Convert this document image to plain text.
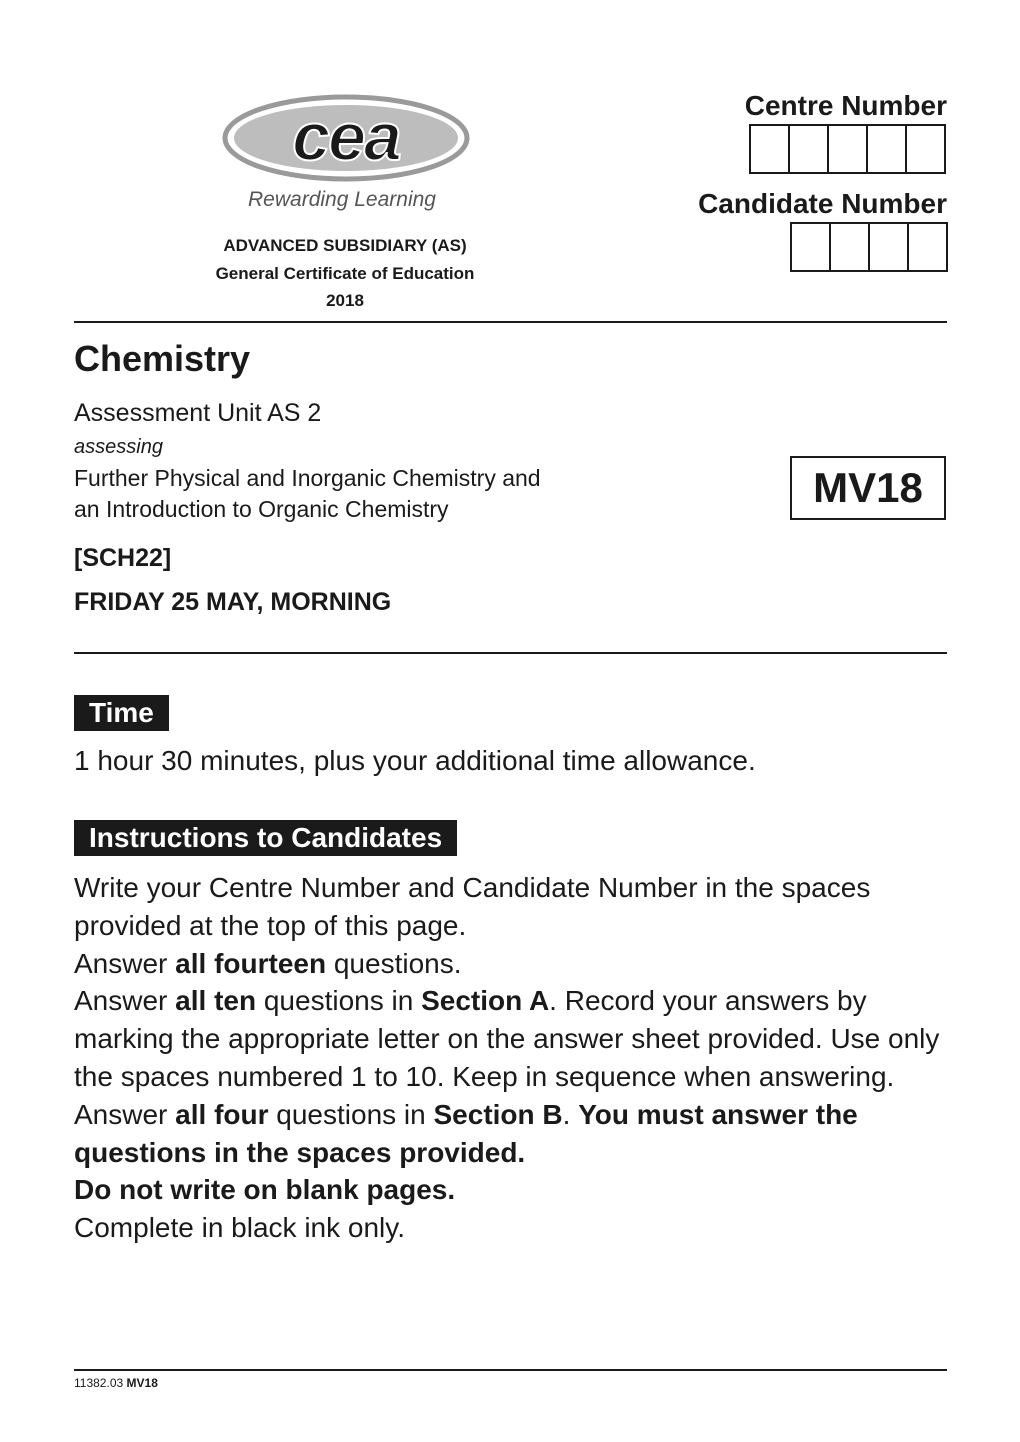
cea
Rewarding Learning
ADVANCED SUBSIDIARY (AS)
General Certificate of Education
2018
Centre Number
Candidate Number
Chemistry
Assessment Unit AS 2
assessing
Further Physical and Inorganic Chemistry and
an Introduction to Organic Chemistry	MV18
[SCH22]
FRIDAY 25 MAY, MORNING
Time
1 hour 30 minutes, plus your additional time allowance.
Instructions to Candidates

Write your Centre Number and Candidate Number in the spaces provided at the top of this page.

Answer all fourteen questions.

Answer all ten questions in Section A. Record your answers by marking the appropriate letter on the answer sheet provided. Use only the spaces numbered 1 to 10. Keep in sequence when answering.

Answer all four questions in Section B. You must answer the questions in the spaces provided.

Do not write on blank pages.

Complete in black ink only.

11382.03 MV18
